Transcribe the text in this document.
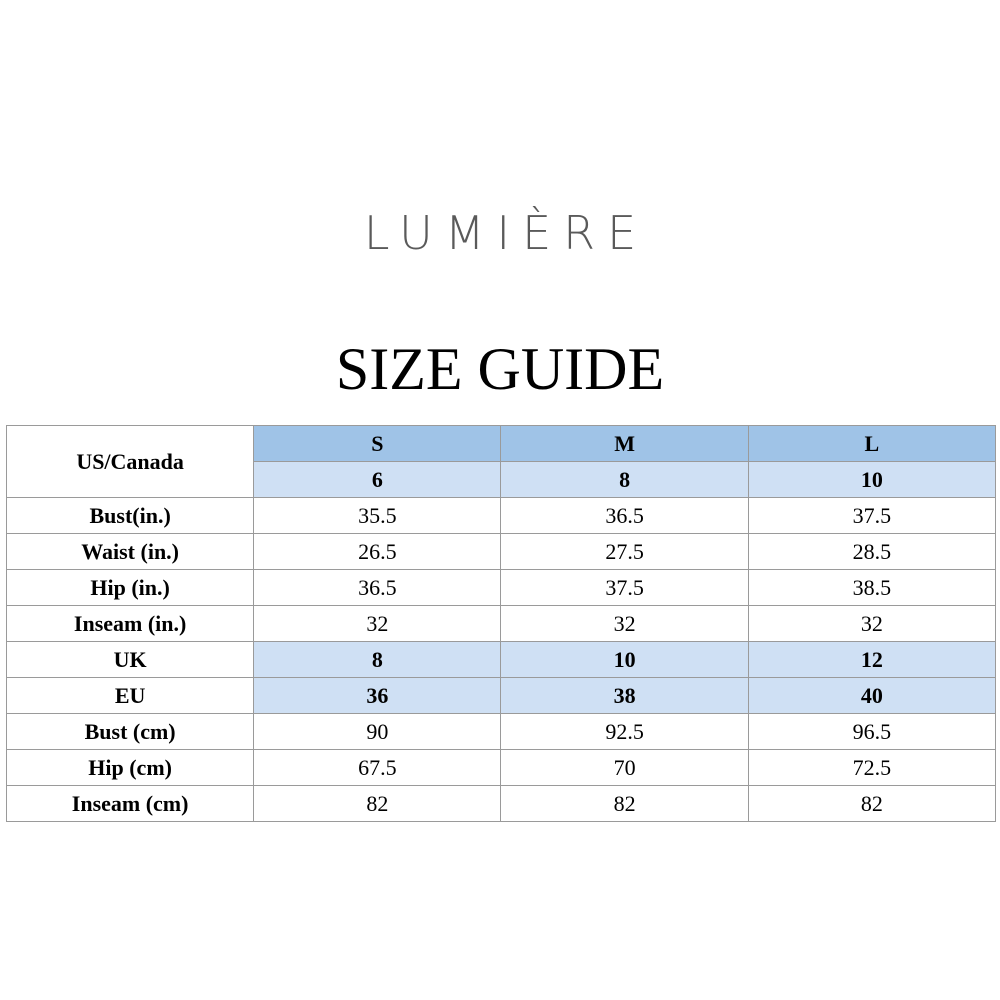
LUMIÈRE
SIZE GUIDE
US/Canada	S	M	L
	6	8	10
Bust(in.)	35.5	36.5	37.5
Waist (in.)	26.5	27.5	28.5
Hip (in.)	36.5	37.5	38.5
Inseam (in.)	32	32	32
UK	8	10	12
EU	36	38	40
Bust (cm)	90	92.5	96.5
Hip (cm)	67.5	70	72.5
Inseam (cm)	82	82	82
